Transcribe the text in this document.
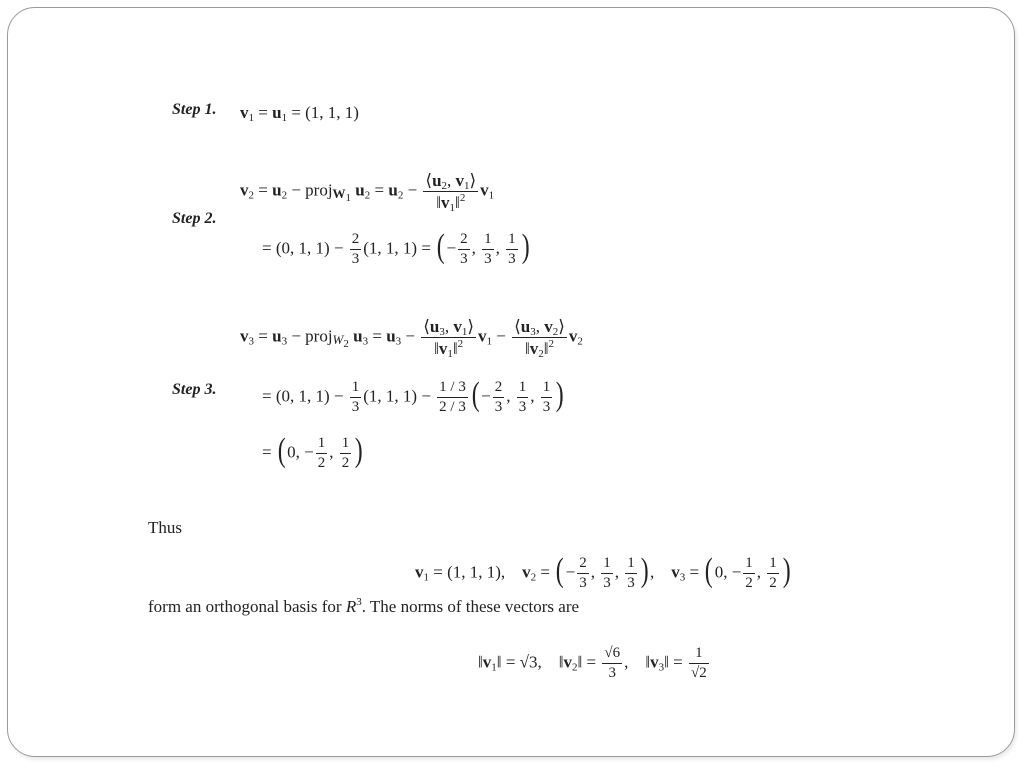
Step 1. $v_1 = u_1 = (1$, 1, 1)
Step 2.
$v_2 = u_2$ − proj$_{W_1}$ $u_2 = u_2 - \frac{⟨u_2, v_1⟩}{‖v_1‖^2} v_1$
= (0, 1, $1) - \frac{2}{3} (1$, 1, 1) = (− $\frac{2}{3}$ , $\frac{1}{3}$ , $\frac{1}{3}$ )
Step 3.
$v_3 = u_3$ − proj$_{W_2}$ $u_3 = u_3 - \frac{⟨u_3, v_1⟩}{‖v_1‖^2} v_1 - \frac{⟨u_3, v_2⟩}{‖v_2‖^2} v_2$
= (0, 1, $1) - \frac{1}{3} (1$, 1, $1) - \frac{1 / 3}{2 / 3}$ (− $\frac{2}{3}$ , $\frac{1}{3}$ , $\frac{1}{3}$ )
= (0, − $\frac{1}{2}$ , $\frac{1}{2}$ )
Thus
$v_1 = (1$, 1, 1), $v_2$ = (− $\frac{2}{3}$ , $\frac{1}{3}$ , $\frac{1}{3}$ ),    $v_3 = (0$, − $\frac{1}{2}$ , $\frac{1}{2}$ )
form an orthogonal basis for $R^3$. The norms of these vectors are
$‖v_1‖ = √3$,    $‖v_2‖ = \frac{√6}{3}$ ,    $‖v_3‖ = \frac{1}{√2}$
